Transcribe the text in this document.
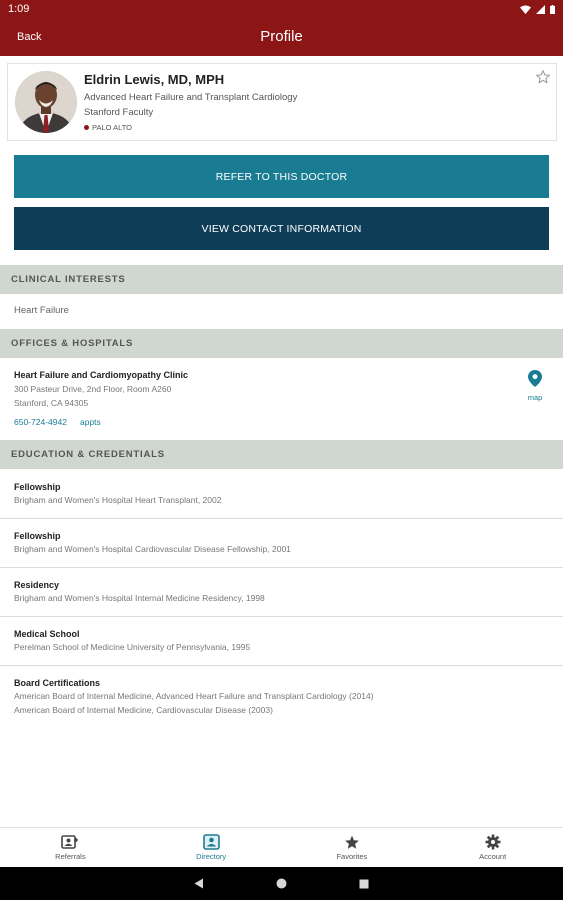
1:09
Back	Profile
Eldrin Lewis, MD, MPH
Advanced Heart Failure and Transplant Cardiology
Stanford Faculty
PALO ALTO
REFER TO THIS DOCTOR
VIEW CONTACT INFORMATION
CLINICAL INTERESTS
Heart Failure
OFFICES & HOSPITALS
Heart Failure and Cardiomyopathy Clinic
300 Pasteur Drive, 2nd Floor, Room A260
Stanford, CA 94305
650-724-4942 appts
map
EDUCATION & CREDENTIALS
Fellowship
Brigham and Women's Hospital Heart Transplant, 2002
Fellowship
Brigham and Women's Hospital Cardiovascular Disease Fellowship, 2001
Residency
Brigham and Women's Hospital Internal Medicine Residency, 1998
Medical School
Perelman School of Medicine University of Pennsylvania, 1995
Board Certifications
American Board of Internal Medicine, Advanced Heart Failure and Transplant Cardiology (2014)
American Board of Internal Medicine, Cardiovascular Disease (2003)
Referrals	Directory	Favorites	Account
